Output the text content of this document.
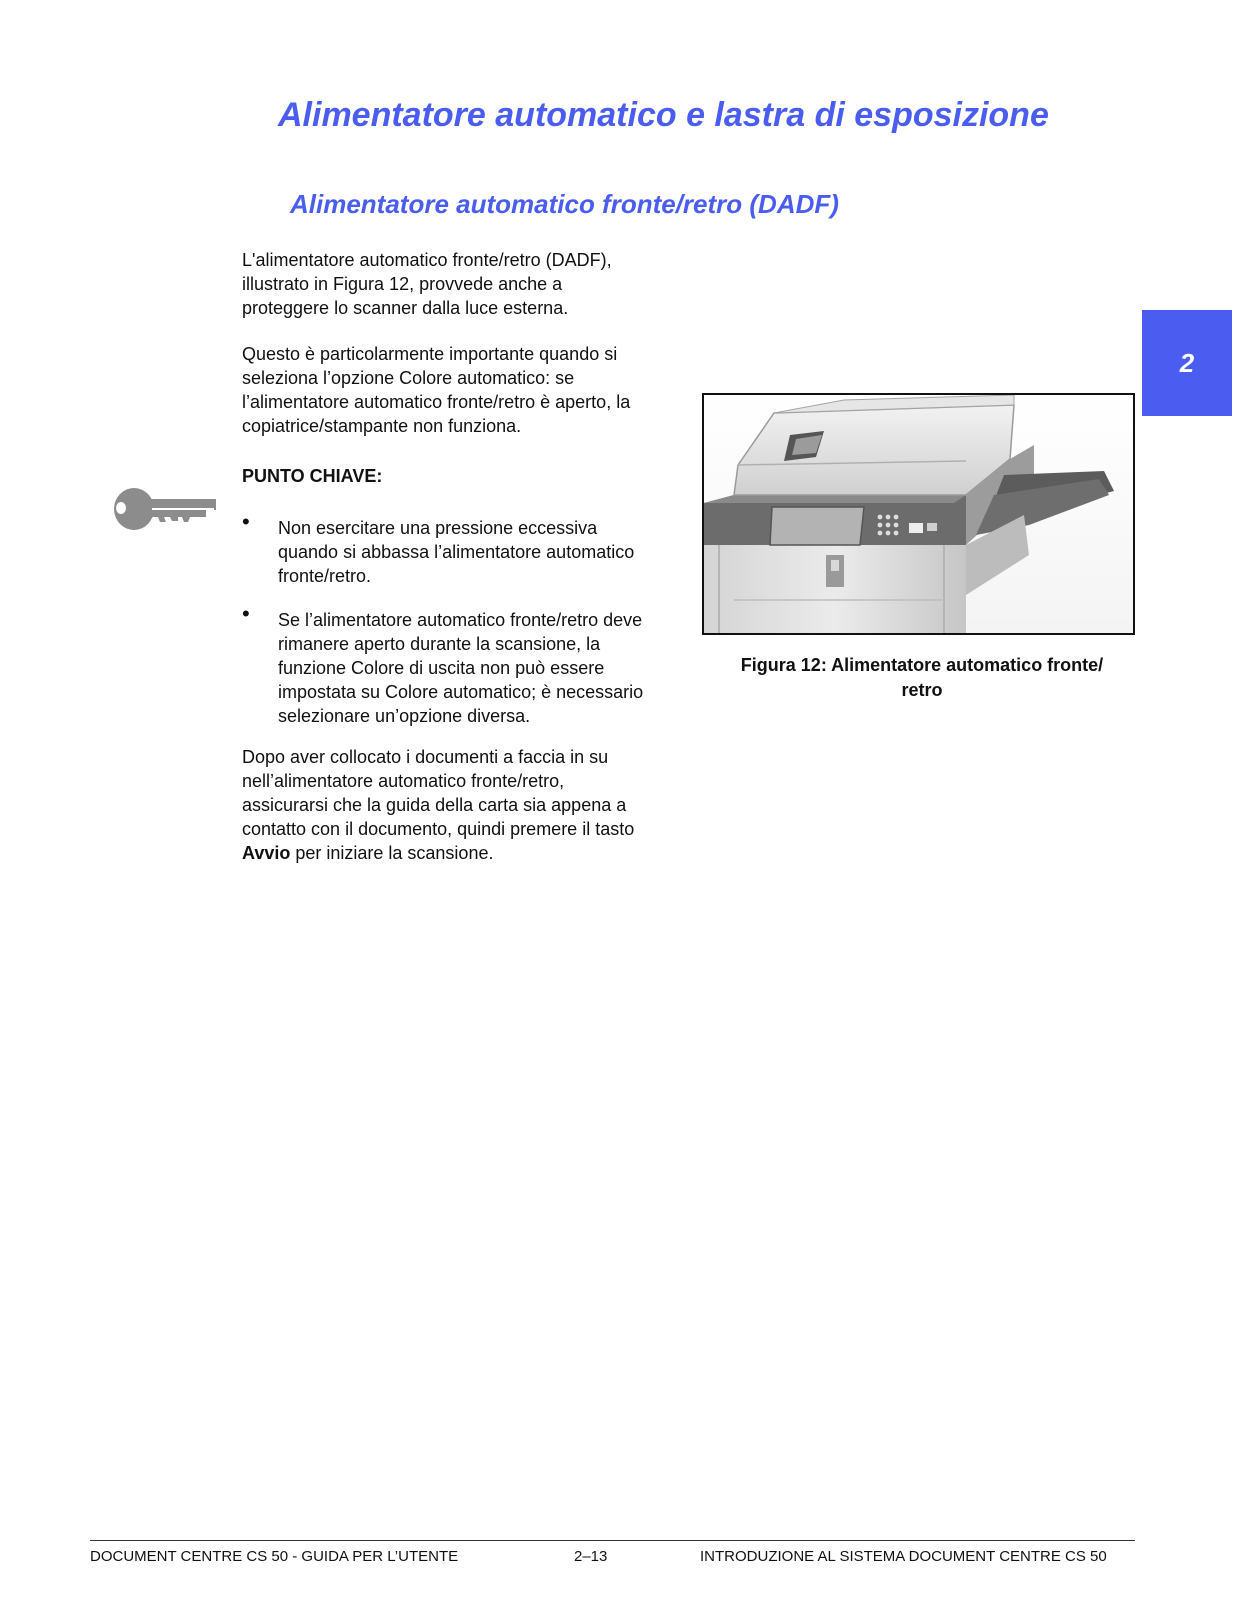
Alimentatore automatico e lastra di esposizione
Alimentatore automatico fronte/retro (DADF)
2

L'alimentatore automatico fronte/retro (DADF),
illustrato in Figura 12, provvede anche a
proteggere lo scanner dalla luce esterna.

Questo è particolarmente importante quando si
seleziona l’opzione Colore automatico: se
l’alimentatore automatico fronte/retro è aperto, la
copiatrice/stampante non funziona.

PUNTO CHIAVE:
• Non esercitare una pressione eccessiva
quando si abbassa l’alimentatore automatico
fronte/retro.
• Se l’alimentatore automatico fronte/retro deve
rimanere aperto durante la scansione, la
funzione Colore di uscita non può essere
impostata su Colore automatico; è necessario
selezionare un’opzione diversa.

Dopo aver collocato i documenti a faccia in su
nell’alimentatore automatico fronte/retro,
assicurarsi che la guida della carta sia appena a
contatto con il documento, quindi premere il tasto
Avvio per iniziare la scansione.

Figura 12: Alimentatore automatico fronte/
retro
DOCUMENT CENTRE CS 50 - GUIDA PER L’UTENTE	2–13	INTRODUZIONE AL SISTEMA DOCUMENT CENTRE CS 50
